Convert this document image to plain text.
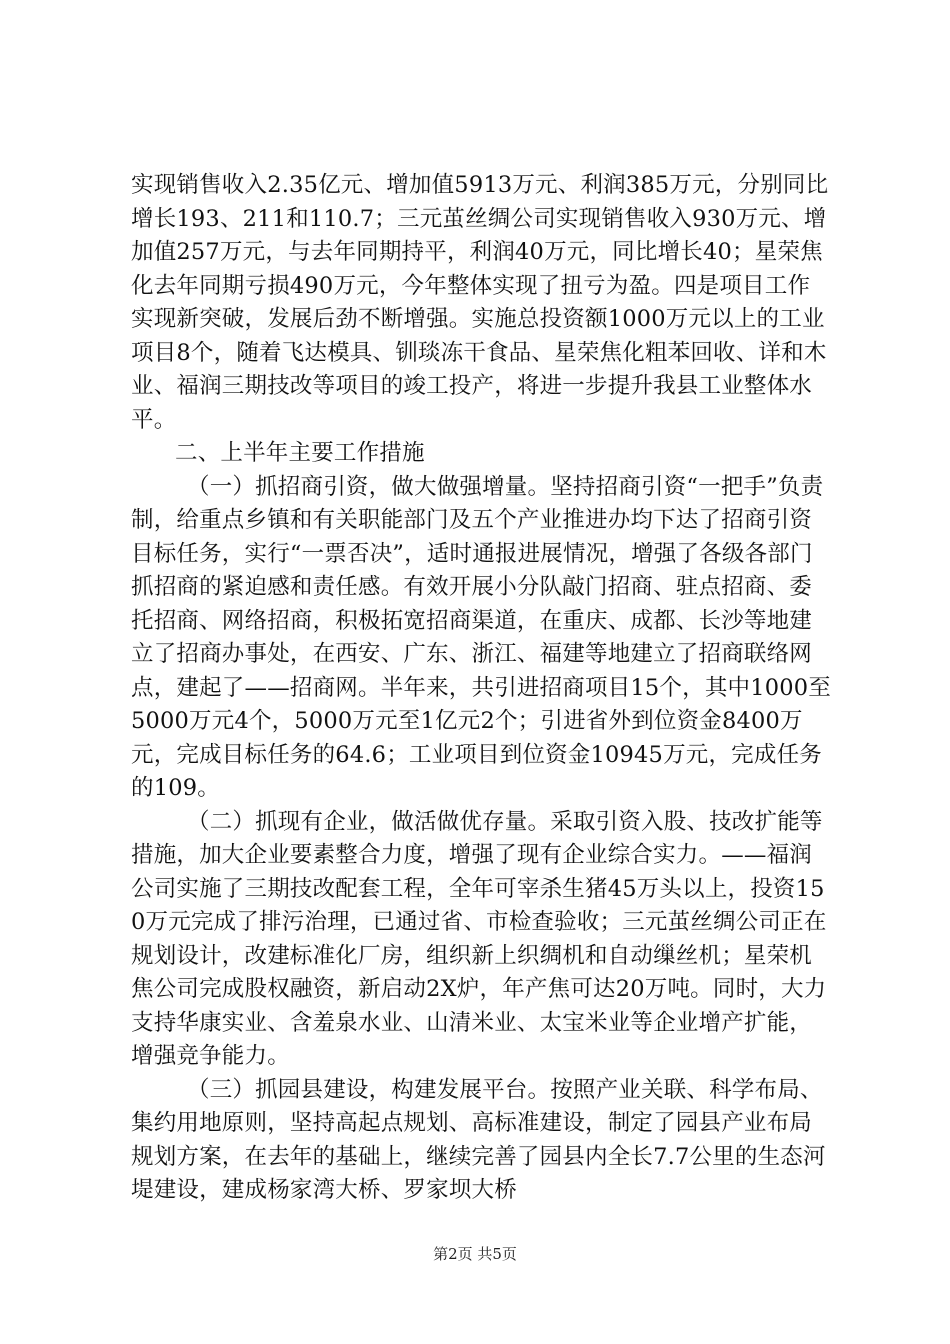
实现销售收入2.35亿元、增加值5913万元、利润385万元，分别同比增长193、211和110.7；三元茧丝绸公司实现销售收入930万元、增加值257万元，与去年同期持平，利润40万元，同比增长40；星荣焦化去年同期亏损490万元，今年整体实现了扭亏为盈。四是项目工作实现新突破，发展后劲不断增强。实施总投资额1000万元以上的工业项目8个，随着飞达模具、钏琰冻干食品、星荣焦化粗苯回收、详和木业、福润三期技改等项目的竣工投产，将进一步提升我县工业整体水平。

二、上半年主要工作措施

（一）抓招商引资，做大做强增量。坚持招商引资“一把手”负责制，给重点乡镇和有关职能部门及五个产业推进办均下达了招商引资目标任务，实行“一票否决”，适时通报进展情况，增强了各级各部门抓招商的紧迫感和责任感。有效开展小分队敲门招商、驻点招商、委托招商、网络招商，积极拓宽招商渠道，在重庆、成都、长沙等地建立了招商办事处，在西安、广东、浙江、福建等地建立了招商联络网点，建起了——招商网。半年来，共引进招商项目15个，其中1000至5000万元4个，5000万元至1亿元2个；引进省外到位资金8400万元，完成目标任务的64.6；工业项目到位资金10945万元，完成任务的109。

（二）抓现有企业，做活做优存量。采取引资入股、技改扩能等措施，加大企业要素整合力度，增强了现有企业综合实力。——福润公司实施了三期技改配套工程，全年可宰杀生猪45万头以上，投资150万元完成了排污治理，已通过省、市检查验收；三元茧丝绸公司正在规划设计，改建标准化厂房，组织新上织绸机和自动缫丝机；星荣机焦公司完成股权融资，新启动2X炉，年产焦可达20万吨。同时，大力支持华康实业、含羞泉水业、山清米业、太宝米业等企业增产扩能，增强竞争能力。

（三）抓园县建设，构建发展平台。按照产业关联、科学布局、集约用地原则，坚持高起点规划、高标准建设，制定了园县产业布局规划方案，在去年的基础上，继续完善了园县内全长7.7公里的生态河堤建设，建成杨家湾大桥、罗家坝大桥

第2页 共5页
